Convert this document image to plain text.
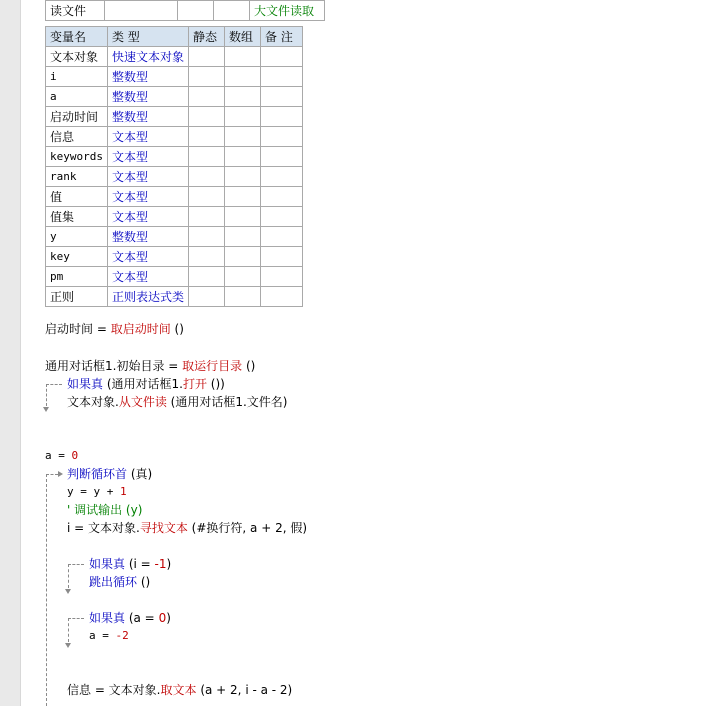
读文件				大文件读取
变量名	类 型	静态	数组	备 注
文本对象	快速文本对象			
i	整数型			
a	整数型			
启动时间	整数型			
信息	文本型			
keywords	文本型			
rank	文本型			
值	文本型			
值集	文本型			
y	整数型			
key	文本型			
pm	文本型			
正则	正则表达式类			
启动时间 = 取启动时间 ()
通用对话框1.初始目录 = 取运行目录 ()
如果真 (通用对话框1.打开 ())
文本对象.从文件读 (通用对话框1.文件名)
a = 0
判断循环首 (真)
y = y + 1
' 调试输出 (y)
i = 文本对象.寻找文本 (#换行符, a + 2, 假)
如果真 (i = -1)
跳出循环 ()
如果真 (a = 0)
a = -2
信息 = 文本对象.取文本 (a + 2, i - a - 2)
